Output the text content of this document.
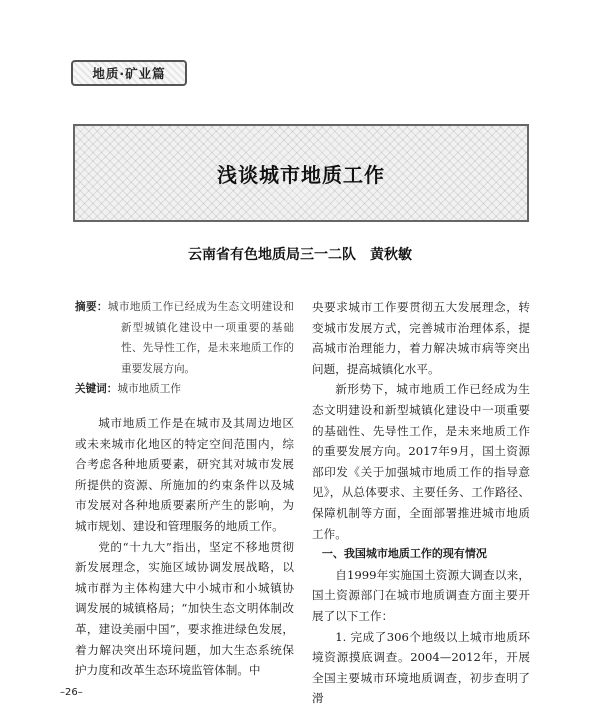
地质·矿业篇
浅谈城市地质工作

云南省有色地质局三一二队　黄秋敏

摘要：城市地质工作已经成为生态文明建设和新型城镇化建设中一项重要的基础性、先导性工作，是未来地质工作的重要发展方向。

关键词：城市地质工作

城市地质工作是在城市及其周边地区或未来城市化地区的特定空间范围内，综合考虑各种地质要素，研究其对城市发展所提供的资源、所施加的约束条件以及城市发展对各种地质要素所产生的影响，为城市规划、建设和管理服务的地质工作。

党的“十九大”指出，坚定不移地贯彻新发展理念，实施区域协调发展战略，以城市群为主体构建大中小城市和小城镇协调发展的城镇格局；“加快生态文明体制改革，建设美丽中国”，要求推进绿色发展，着力解决突出环境问题，加大生态系统保护力度和改革生态环境监管体制。中

央要求城市工作要贯彻五大发展理念，转变城市发展方式，完善城市治理体系，提高城市治理能力，着力解决城市病等突出问题，提高城镇化水平。

新形势下，城市地质工作已经成为生态文明建设和新型城镇化建设中一项重要的基础性、先导性工作，是未来地质工作的重要发展方向。2017年9月，国土资源部印发《关于加强城市地质工作的指导意见》，从总体要求、主要任务、工作路径、保障机制等方面，全面部署推进城市地质工作。

一、我国城市地质工作的现有情况

自1999年实施国土资源大调查以来，国土资源部门在城市地质调查方面主要开展了以下工作：

1. 完成了306个地级以上城市地质环境资源摸底调查。2004—2012年，开展全国主要城市环境地质调查，初步查明了滑

–26–
